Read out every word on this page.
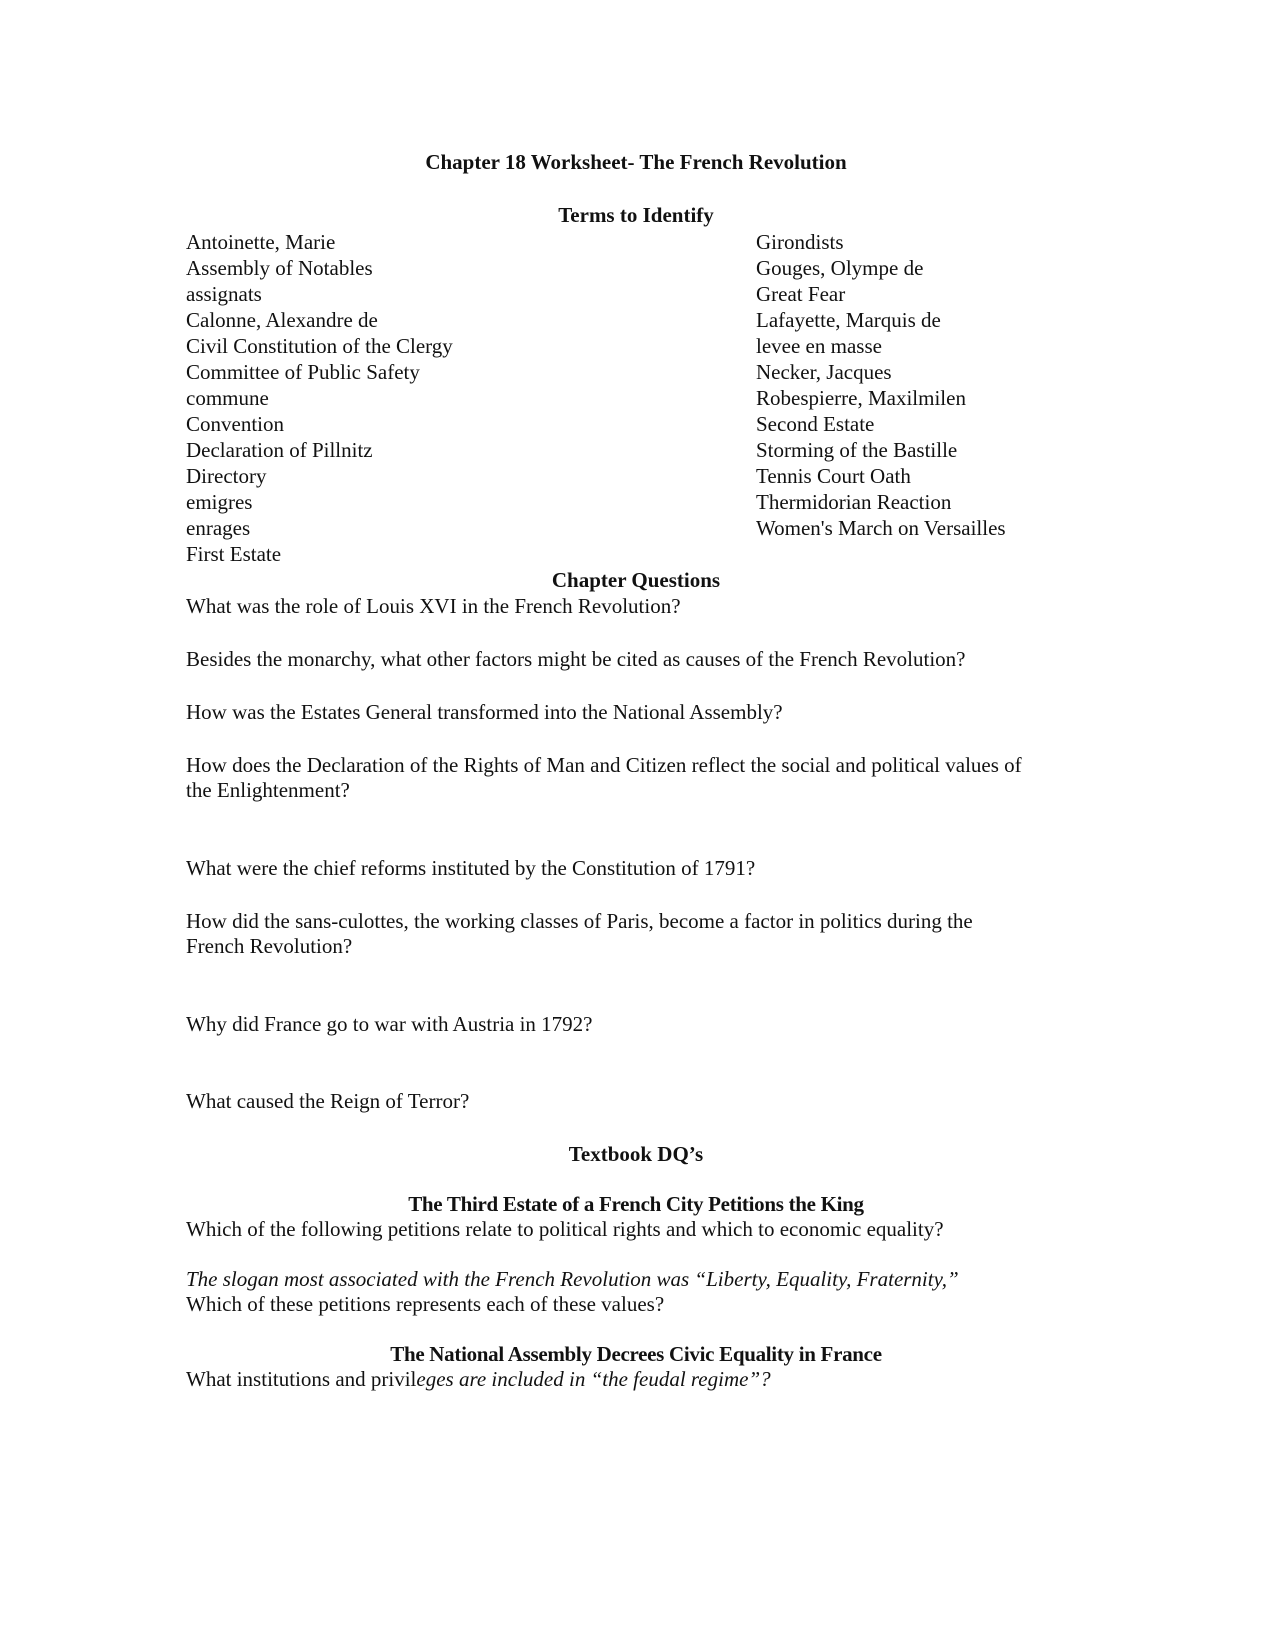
Chapter 18 Worksheet- The French Revolution
Terms to Identify
Antoinette, Marie
Assembly of Notables
assignats
Calonne, Alexandre de
Civil Constitution of the Clergy
Committee of Public Safety
commune
Convention
Declaration of Pillnitz
Directory
emigres
enrages
First Estate
Girondists
Gouges, Olympe de
Great Fear
Lafayette, Marquis de
levee en masse
Necker, Jacques
Robespierre, Maxilmilen
Second Estate
Storming of the Bastille
Tennis Court Oath
Thermidorian Reaction
Women's March on Versailles
Chapter Questions

What was the role of Louis XVI in the French Revolution?

Besides the monarchy, what other factors might be cited as causes of the French Revolution?

How was the Estates General transformed into the National Assembly?

How does the Declaration of the Rights of Man and Citizen reflect the social and political values of the Enlightenment?

What were the chief reforms instituted by the Constitution of 1791?

How did the sans-culottes, the working classes of Paris, become a factor in politics during the French Revolution?

Why did France go to war with Austria in 1792?

What caused the Reign of Terror?

Textbook DQ’s
The Third Estate of a French City Petitions the King

Which of the following petitions relate to political rights and which to economic equality?

The slogan most associated with the French Revolution was “Liberty, Equality, Fraternity,”
Which of these petitions represents each of these values?

The National Assembly Decrees Civic Equality in France

What institutions and privileges are included in “the feudal regime”?
